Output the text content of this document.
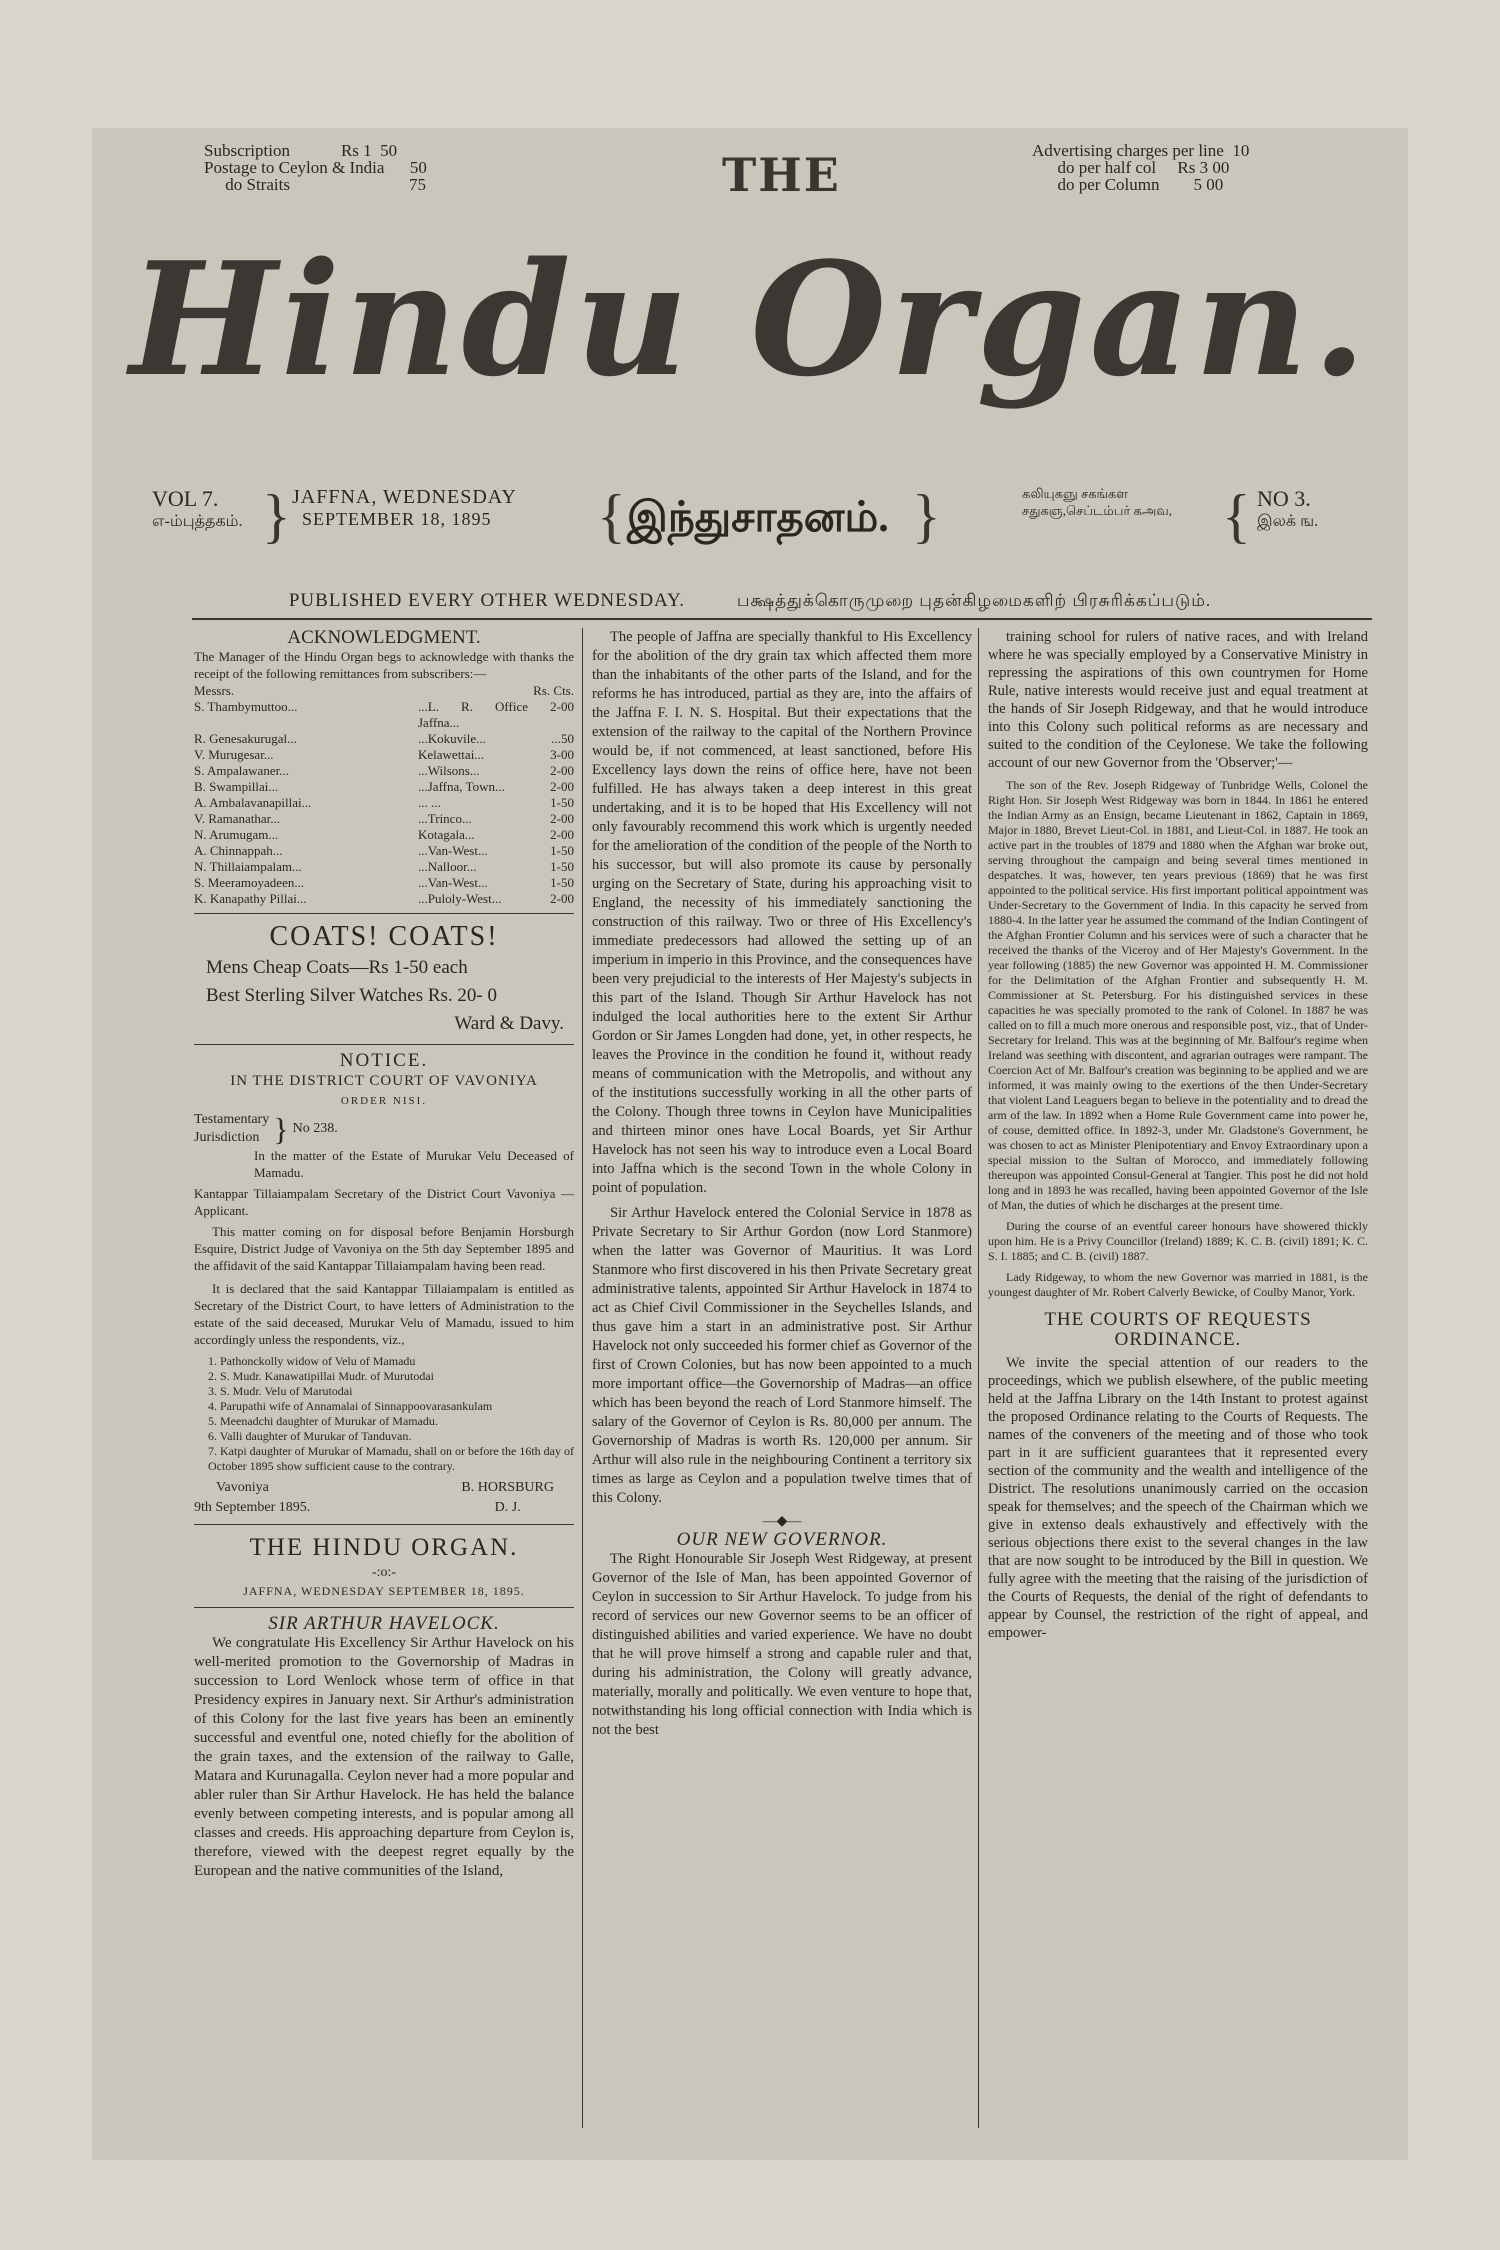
Subscription	Rs 1 50
Postage to Ceylon & India 50
do Straits	75	THE	Advertising charges per line 10
do per half col Rs 3 00
do per Column 5 00
Hindu Organ.
VOL 7.
எ-ம்புத்தகம். } JAFFNA, WEDNESDAY
SEPTEMBER 18, 1895	{ இந்துசாதனம். }	கலியுகஞு சகங்கள
சதுகஞ,செப்டம்பர் கஅவ, { NO 3.
இலக் ங.
PUBLISHED EVERY OTHER WEDNESDAY.	பக்ஷத்துக்கொருமுறை புதன்கிழமைகளிற் பிரசுரிக்கப்படும்.
ACKNOWLEDGMENT.
The Manager of the Hindu Organ begs to acknowledge with thanks the receipt of the following remittances from subscribers:—
Messrs.	Rs. Cts.
S. Thambymuttoo...	...L. R. Office Jaffna...	2-00
R. Genesakurugal...	...Kokuvile...	...50
V. Murugesar...	Kelawettai...	3-00
S. Ampalawaner...	...Wilsons...	2-00
B. Swampillai...	...Jaffna, Town...	2-00
A. Ambalavanapillai...	... ...	1-50
V. Ramanathar...	...Trinco...	2-00
N. Arumugam...	Kotagala...	2-00
A. Chinnappah...	...Van-West...	1-50
N. Thillaiampalam...	...Nalloor...	1-50
S. Meeramoyadeen...	...Van-West...	1-50
K. Kanapathy Pillai...	...Puloly-West...	2-00
COATS! COATS!
Mens Cheap Coats—Rs 1-50 each
Best Sterling Silver Watches Rs. 20- 0
Ward & Davy.
NOTICE.
IN THE DISTRICT COURT OF VAVONIYA
ORDER NISI.
Testamentary
Jurisdiction } No 238.
In the matter of the Estate of Murukar Velu Deceased of Mamadu.
Kantappar Tillaiampalam Secretary of the District Court Vavoniya —Applicant.
This matter coming on for disposal before Benjamin Horsburgh Esquire, District Judge of Vavoniya on the 5th day September 1895 and the affidavit of the said Kantappar Tillaiampalam having been read.
It is declared that the said Kantappar Tillaiampalam is entitled as Secretary of the District Court, to have letters of Administration to the estate of the said deceased, Murukar Velu of Mamadu, issued to him accordingly unless the respondents, viz.,
1. Pathonckolly widow of Velu of Mamadu
2. S. Mudr. Kanawatipillai Mudr. of Murutodai
3. S. Mudr. Velu of Marutodai
4. Parupathi wife of Annamalai of Sinnappoovarasankulam
5. Meenadchi daughter of Murukar of Mamadu.
6. Valli daughter of Murukar of Tanduvan.
7. Katpi daughter of Murukar of Mamadu, shall on or before the 16th day of October 1895 show sufficient cause to the contrary.
Vavoniya
9th September 1895.
B. HORSBURG
D. J.
THE HINDU ORGAN.
-:o:-
JAFFNA, WEDNESDAY SEPTEMBER 18, 1895.
SIR ARTHUR HAVELOCK.
We congratulate His Excellency Sir Arthur Havelock on his well-merited promotion to the Governorship of Madras in succession to Lord Wenlock whose term of office in that Presidency expires in January next. Sir Arthur's administration of this Colony for the last five years has been an eminently successful and eventful one, noted chiefly for the abolition of the grain taxes, and the extension of the railway to Galle, Matara and Kurunagalla. Ceylon never had a more popular and abler ruler than Sir Arthur Havelock. He has held the balance evenly between competing interests, and is popular among all classes and creeds. His approaching departure from Ceylon is, therefore, viewed with the deepest regret equally by the European and the native communities of the Island,
The people of Jaffna are specially thankful to His Excellency for the abolition of the dry grain tax which affected them more than the inhabitants of the other parts of the Island, and for the reforms he has introduced, partial as they are, into the affairs of the Jaffna F. I. N. S. Hospital. But their expectations that the extension of the railway to the capital of the Northern Province would be, if not commenced, at least sanctioned, before His Excellency lays down the reins of office here, have not been fulfilled. He has always taken a deep interest in this great undertaking, and it is to be hoped that His Excellency will not only favourably recommend this work which is urgently needed for the amelioration of the condition of the people of the North to his successor, but will also promote its cause by personally urging on the Secretary of State, during his approaching visit to England, the necessity of his immediately sanctioning the construction of this railway. Two or three of His Excellency's immediate predecessors had allowed the setting up of an imperium in imperio in this Province, and the consequences have been very prejudicial to the interests of Her Majesty's subjects in this part of the Island. Though Sir Arthur Havelock has not indulged the local authorities here to the extent Sir Arthur Gordon or Sir James Longden had done, yet, in other respects, he leaves the Province in the condition he found it, without ready means of communication with the Metropolis, and without any of the institutions successfully working in all the other parts of the Colony. Though three towns in Ceylon have Municipalities and thirteen minor ones have Local Boards, yet Sir Arthur Havelock has not seen his way to introduce even a Local Board into Jaffna which is the second Town in the whole Colony in point of population.
Sir Arthur Havelock entered the Colonial Service in 1878 as Private Secretary to Sir Arthur Gordon (now Lord Stanmore) when the latter was Governor of Mauritius. It was Lord Stanmore who first discovered in his then Private Secretary great administrative talents, appointed Sir Arthur Havelock in 1874 to act as Chief Civil Commissioner in the Seychelles Islands, and thus gave him a start in an administrative post. Sir Arthur Havelock not only succeeded his former chief as Governor of the first of Crown Colonies, but has now been appointed to a much more important office—the Governorship of Madras—an office which has been beyond the reach of Lord Stanmore himself. The salary of the Governor of Ceylon is Rs. 80,000 per annum. The Governorship of Madras is worth Rs. 120,000 per annum. Sir Arthur will also rule in the neighbouring Continent a territory six times as large as Ceylon and a population twelve times that of this Colony.
—◆—
OUR NEW GOVERNOR.
The Right Honourable Sir Joseph West Ridgeway, at present Governor of the Isle of Man, has been appointed Governor of Ceylon in succession to Sir Arthur Havelock. To judge from his record of services our new Governor seems to be an officer of distinguished abilities and varied experience. We have no doubt that he will prove himself a strong and capable ruler and that, during his administration, the Colony will greatly advance, materially, morally and politically. We even venture to hope that, notwithstanding his long official connection with India which is not the best
training school for rulers of native races, and with Ireland where he was specially employed by a Conservative Ministry in repressing the aspirations of this own countrymen for Home Rule, native interests would receive just and equal treatment at the hands of Sir Joseph Ridgeway, and that he would introduce into this Colony such political reforms as are necessary and suited to the condition of the Ceylonese. We take the following account of our new Governor from the 'Observer;'—
The son of the Rev. Joseph Ridgeway of Tunbridge Wells, Colonel the Right Hon. Sir Joseph West Ridgeway was born in 1844. In 1861 he entered the Indian Army as an Ensign, became Lieutenant in 1862, Captain in 1869, Major in 1880, Brevet Lieut-Col. in 1881, and Lieut-Col. in 1887. He took an active part in the troubles of 1879 and 1880 when the Afghan war broke out, serving throughout the campaign and being several times mentioned in despatches. It was, however, ten years previous (1869) that he was first appointed to the political service. His first important political appointment was Under-Secretary to the Government of India. In this capacity he served from 1880-4. In the latter year he assumed the command of the Indian Contingent of the Afghan Frontier Column and his services were of such a character that he received the thanks of the Viceroy and of Her Majesty's Government. In the year following (1885) the new Governor was appointed H. M. Commissioner for the Delimitation of the Afghan Frontier and subsequently H. M. Commissioner at St. Petersburg. For his distinguished services in these capacities he was specially promoted to the rank of Colonel. In 1887 he was called on to fill a much more onerous and responsible post, viz., that of Under-Secretary for Ireland. This was at the beginning of Mr. Balfour's regime when Ireland was seething with discontent, and agrarian outrages were rampant. The Coercion Act of Mr. Balfour's creation was beginning to be applied and we are informed, it was mainly owing to the exertions of the then Under-Secretary that violent Land Leaguers began to believe in the potentiality and to dread the arm of the law. In 1892 when a Home Rule Government came into power he, of couse, demitted office. In 1892-3, under Mr. Gladstone's Government, he was chosen to act as Minister Plenipotentiary and Envoy Extraordinary upon a special mission to the Sultan of Morocco, and immediately following thereupon was appointed Consul-General at Tangier. This post he did not hold long and in 1893 he was recalled, having been appointed Governor of the Isle of Man, the duties of which he discharges at the present time.
During the course of an eventful career honours have showered thickly upon him. He is a Privy Councillor (Ireland) 1889; K. C. B. (civil) 1891; K. C. S. I. 1885; and C. B. (civil) 1887.
Lady Ridgeway, to whom the new Governor was married in 1881, is the youngest daughter of Mr. Robert Calverly Bewicke, of Coulby Manor, York.
THE COURTS OF REQUESTS ORDINANCE.
We invite the special attention of our readers to the proceedings, which we publish elsewhere, of the public meeting held at the Jaffna Library on the 14th Instant to protest against the proposed Ordinance relating to the Courts of Requests. The names of the conveners of the meeting and of those who took part in it are sufficient guarantees that it represented every section of the community and the wealth and intelligence of the District. The resolutions unanimously carried on the occasion speak for themselves; and the speech of the Chairman which we give in extenso deals exhaustively and effectively with the serious objections there exist to the several changes in the law that are now sought to be introduced by the Bill in question. We fully agree with the meeting that the raising of the jurisdiction of the Courts of Requests, the denial of the right of defendants to appear by Counsel, the restriction of the right of appeal, and empower-
